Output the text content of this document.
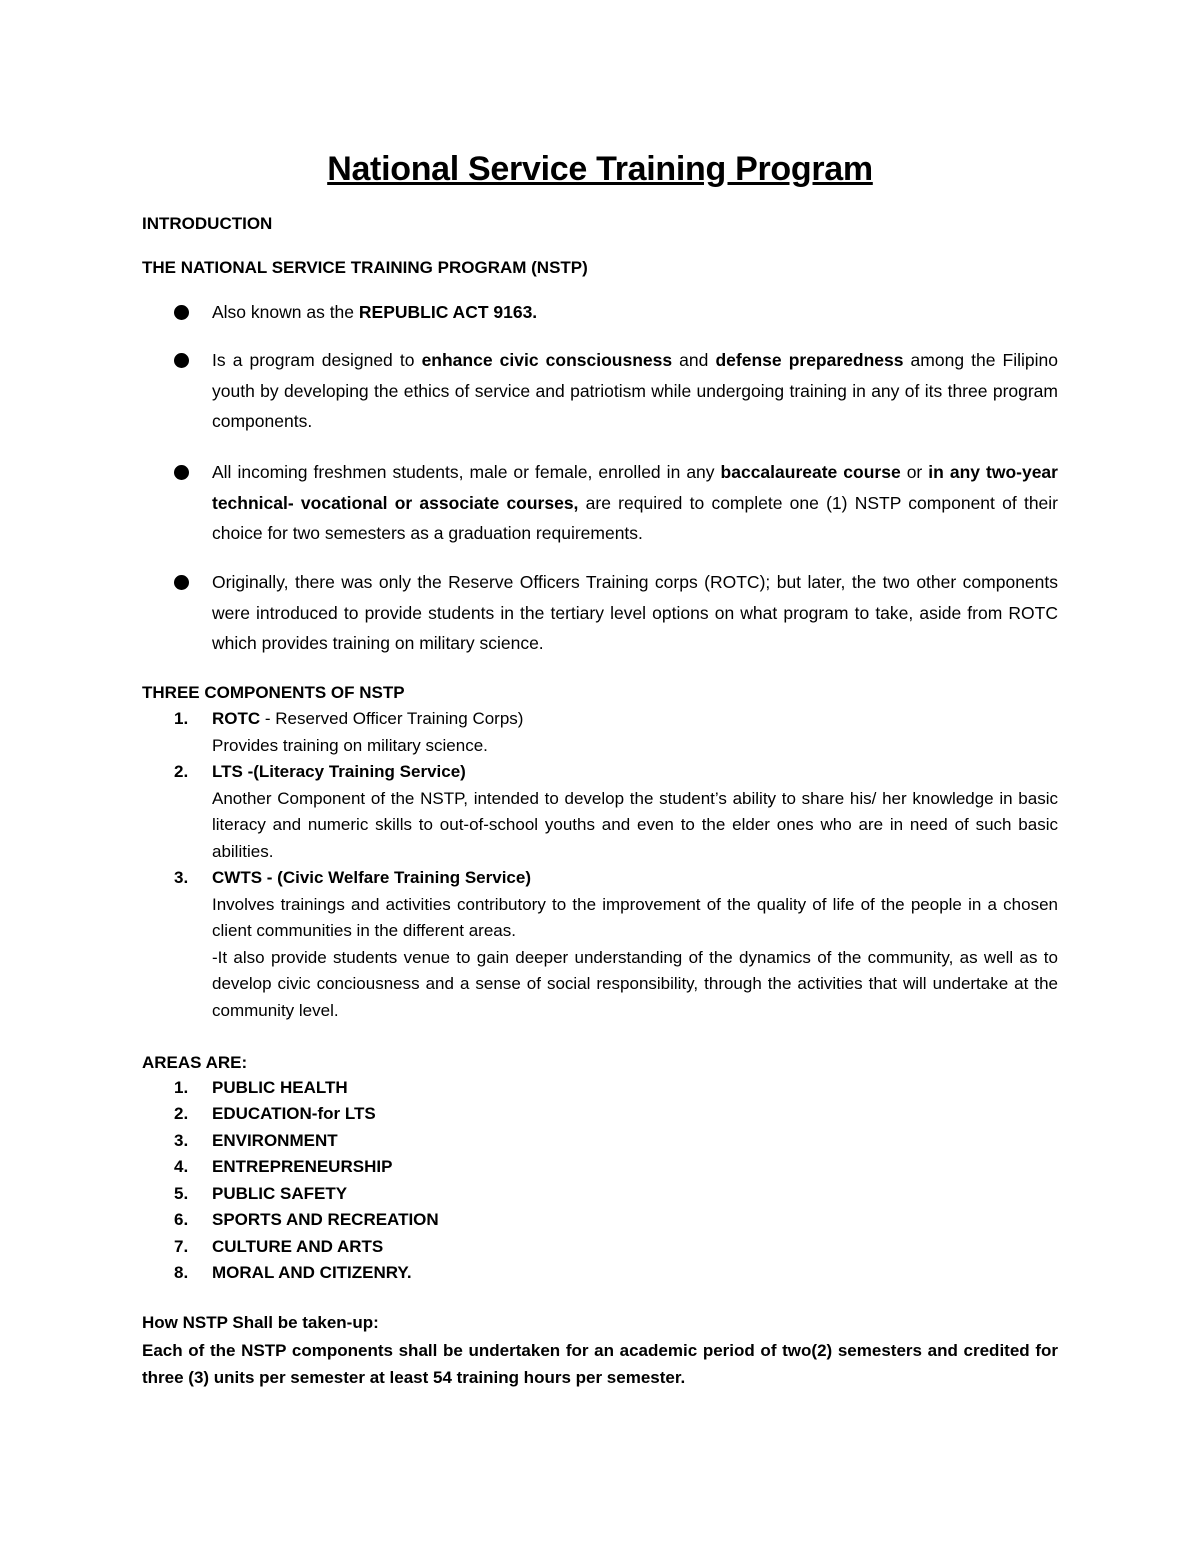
National Service Training Program
INTRODUCTION
THE NATIONAL SERVICE TRAINING PROGRAM (NSTP)
Also known as the REPUBLIC ACT 9163.
Is a program designed to enhance civic consciousness and defense preparedness among the Filipino youth by developing the ethics of service and patriotism while undergoing training in any of its three program components.
All incoming freshmen students, male or female, enrolled in any baccalaureate course or in any two-year technical- vocational or associate courses, are required to complete one (1) NSTP component of their choice for two semesters as a graduation requirements.
Originally, there was only the Reserve Officers Training corps (ROTC); but later, the two other components were introduced to provide students in the tertiary level options on what program to take, aside from ROTC which provides training on military science.
THREE COMPONENTS OF NSTP
1. ROTC - Reserved Officer Training Corps)
Provides training on military science.
2. LTS -(Literacy Training Service)
Another Component of the NSTP, intended to develop the student’s ability to share his/ her knowledge in basic literacy and numeric skills to out-of-school youths and even to the elder ones who are in need of such basic abilities.
3. CWTS - (Civic Welfare Training Service)
Involves trainings and activities contributory to the improvement of the quality of life of the people in a chosen client communities in the different areas.
-It also provide students venue to gain deeper understanding of the dynamics of the community, as well as to develop civic conciousness and a sense of social responsibility, through the activities that will undertake at the community level.
AREAS ARE:
1. PUBLIC HEALTH
2. EDUCATION-for LTS
3. ENVIRONMENT
4. ENTREPRENEURSHIP
5. PUBLIC SAFETY
6. SPORTS AND RECREATION
7. CULTURE AND ARTS
8. MORAL AND CITIZENRY.
How NSTP Shall be taken-up:
Each of the NSTP components shall be undertaken for an academic period of two(2) semesters and credited for three (3) units per semester at least 54 training hours per semester.
